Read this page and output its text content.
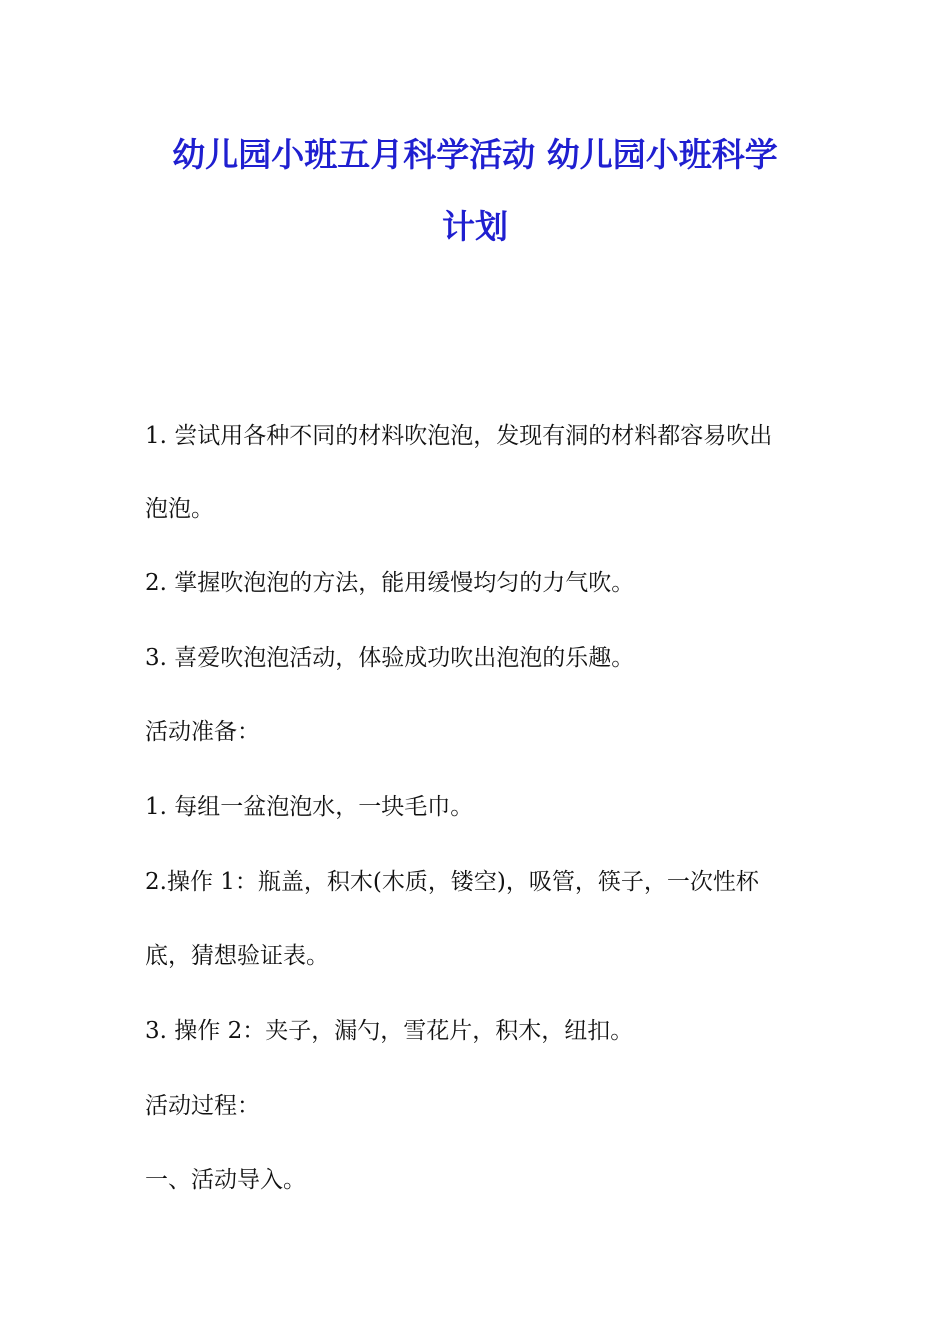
幼儿园小班五月科学活动 幼儿园小班科学
计划

1. 尝试用各种不同的材料吹泡泡，发现有洞的材料都容易吹出

泡泡。

2. 掌握吹泡泡的方法，能用缓慢均匀的力气吹。

3. 喜爱吹泡泡活动，体验成功吹出泡泡的乐趣。

活动准备：

1. 每组一盆泡泡水，一块毛巾。

2.操作 1：瓶盖，积木(木质，镂空)，吸管，筷子，一次性杯

底，猜想验证表。

3. 操作 2：夹子，漏勺，雪花片，积木，纽扣。

活动过程：

一、活动导入。
